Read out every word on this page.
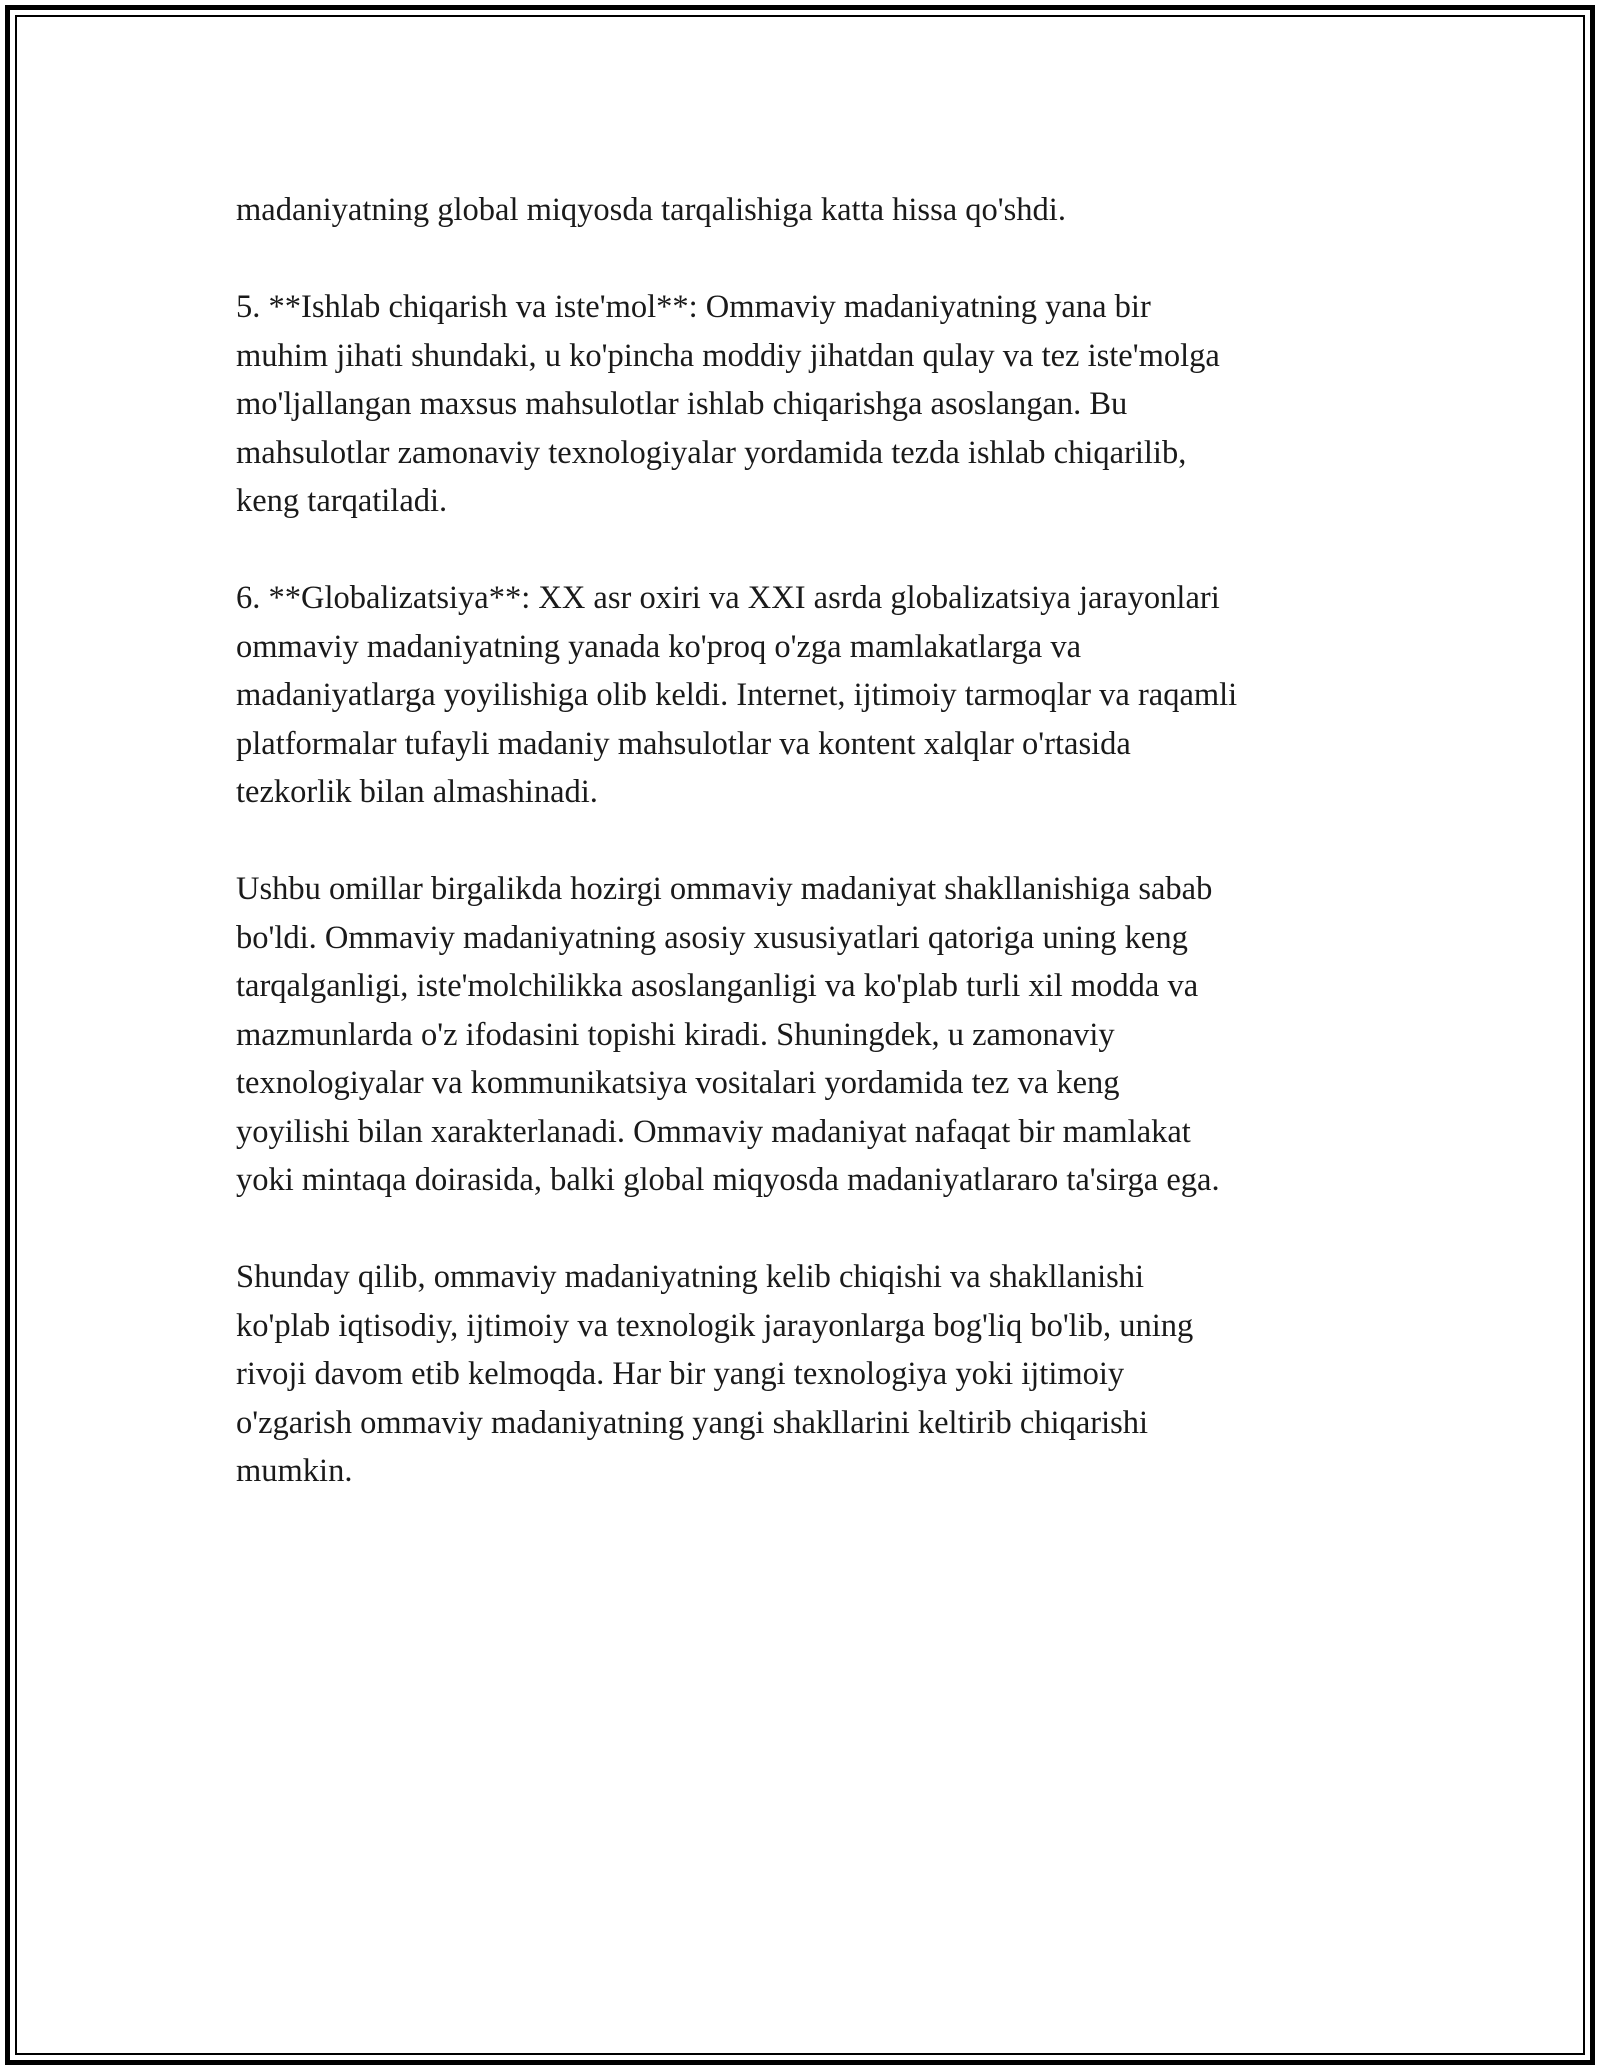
madaniyatning global miqyosda tarqalishiga katta hissa qo'shdi.

5. **Ishlab chiqarish va iste'mol**: Ommaviy madaniyatning yana bir
muhim jihati shundaki, u ko'pincha moddiy jihatdan qulay va tez iste'molga
mo'ljallangan maxsus mahsulotlar ishlab chiqarishga asoslangan. Bu
mahsulotlar zamonaviy texnologiyalar yordamida tezda ishlab chiqarilib,
keng tarqatiladi.

6. **Globalizatsiya**: XX asr oxiri va XXI asrda globalizatsiya jarayonlari
ommaviy madaniyatning yanada ko'proq o'zga mamlakatlarga va
madaniyatlarga yoyilishiga olib keldi. Internet, ijtimoiy tarmoqlar va raqamli
platformalar tufayli madaniy mahsulotlar va kontent xalqlar o'rtasida
tezkorlik bilan almashinadi.

Ushbu omillar birgalikda hozirgi ommaviy madaniyat shakllanishiga sabab
bo'ldi. Ommaviy madaniyatning asosiy xususiyatlari qatoriga uning keng
tarqalganligi, iste'molchilikka asoslanganligi va ko'plab turli xil modda va
mazmunlarda o'z ifodasini topishi kiradi. Shuningdek, u zamonaviy
texnologiyalar va kommunikatsiya vositalari yordamida tez va keng
yoyilishi bilan xarakterlanadi. Ommaviy madaniyat nafaqat bir mamlakat
yoki mintaqa doirasida, balki global miqyosda madaniyatlararo ta'sirga ega.

Shunday qilib, ommaviy madaniyatning kelib chiqishi va shakllanishi
ko'plab iqtisodiy, ijtimoiy va texnologik jarayonlarga bog'liq bo'lib, uning
rivoji davom etib kelmoqda. Har bir yangi texnologiya yoki ijtimoiy
o'zgarish ommaviy madaniyatning yangi shakllarini keltirib chiqarishi
mumkin.
